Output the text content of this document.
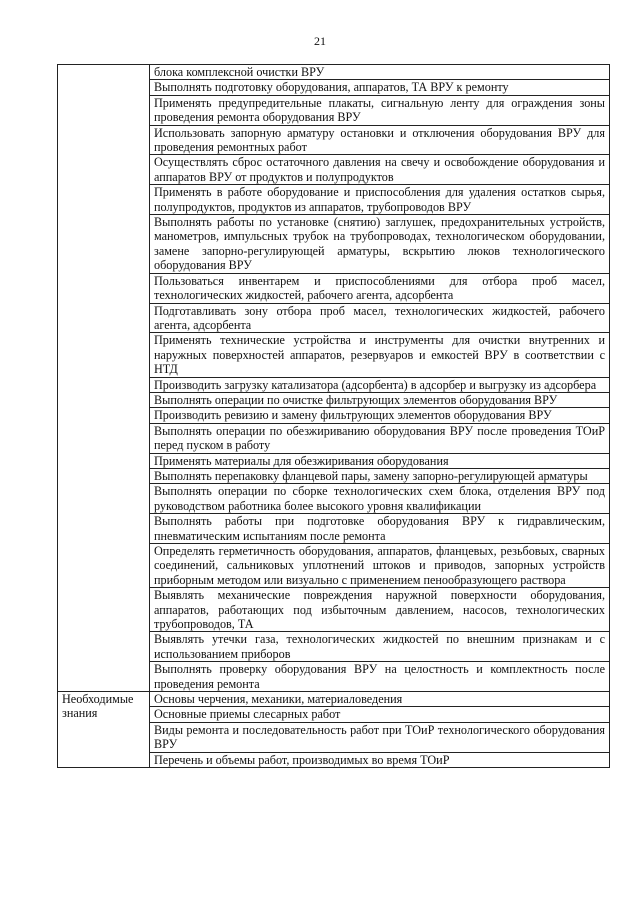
21
	блока комплексной очистки ВРУ
	Выполнять подготовку оборудования, аппаратов, ТА ВРУ к ремонту
	Применять предупредительные плакаты, сигнальную ленту для ограждения зоны проведения ремонта оборудования ВРУ
	Использовать запорную арматуру остановки и отключения оборудования ВРУ для проведения ремонтных работ
	Осуществлять сброс остаточного давления на свечу и освобождение оборудования и аппаратов ВРУ от продуктов и полупродуктов
	Применять в работе оборудование и приспособления для удаления остатков сырья, полупродуктов, продуктов из аппаратов, трубопроводов ВРУ
	Выполнять работы по установке (снятию) заглушек, предохранительных устройств, манометров, импульсных трубок на трубопроводах, технологическом оборудовании, замене запорно-регулирующей арматуры, вскрытию люков технологического оборудования ВРУ
	Пользоваться инвентарем и приспособлениями для отбора проб масел, технологических жидкостей, рабочего агента, адсорбента
	Подготавливать зону отбора проб масел, технологических жидкостей, рабочего агента, адсорбента
	Применять технические устройства и инструменты для очистки внутренних и наружных поверхностей аппаратов, резервуаров и емкостей ВРУ в соответствии с НТД
	Производить загрузку катализатора (адсорбента) в адсорбер и выгрузку из адсорбера
	Выполнять операции по очистке фильтрующих элементов оборудования ВРУ
	Производить ревизию и замену фильтрующих элементов оборудования ВРУ
	Выполнять операции по обезжириванию оборудования ВРУ после проведения ТОиР перед пуском в работу
	Применять материалы для обезжиривания оборудования
	Выполнять перепаковку фланцевой пары, замену запорно-регулирующей арматуры
	Выполнять операции по сборке технологических схем блока, отделения ВРУ под руководством работника более высокого уровня квалификации
	Выполнять работы при подготовке оборудования ВРУ к гидравлическим, пневматическим испытаниям после ремонта
	Определять герметичность оборудования, аппаратов, фланцевых, резьбовых, сварных соединений, сальниковых уплотнений штоков и приводов, запорных устройств приборным методом или визуально с применением пенообразующего раствора
	Выявлять механические повреждения наружной поверхности оборудования, аппаратов, работающих под избыточным давлением, насосов, технологических трубопроводов, ТА
	Выявлять утечки газа, технологических жидкостей по внешним признакам и с использованием приборов
	Выполнять проверку оборудования ВРУ на целостность и комплектность после проведения ремонта
Необходимые знания	Основы черчения, механики, материаловедения
	Основные приемы слесарных работ
	Виды ремонта и последовательность работ при ТОиР технологического оборудования ВРУ
	Перечень и объемы работ, производимых во время ТОиР
